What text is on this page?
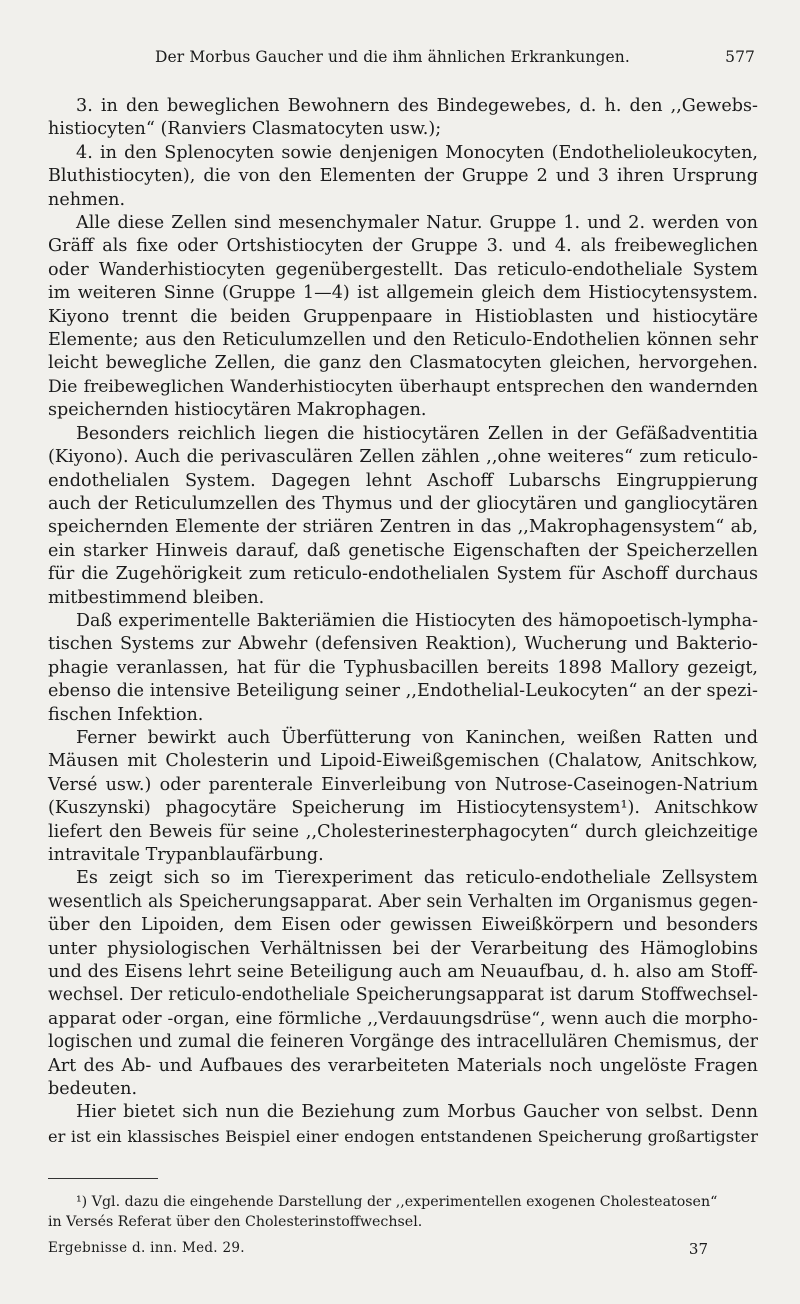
Der Morbus Gaucher und die ihm ähnlichen Erkrankungen.	577
3. in den beweglichen Bewohnern des Bindegewebes, d. h. den ,,Gewebs-
histiocyten“ (Ranviers Clasmatocyten usw.);
4. in den Splenocyten sowie denjenigen Monocyten (Endothelioleukocyten,
Bluthistiocyten), die von den Elementen der Gruppe 2 und 3 ihren Ursprung
nehmen.
Alle diese Zellen sind mesenchymaler Natur. Gruppe 1. und 2. werden von
Gräff als fixe oder Ortshistiocyten der Gruppe 3. und 4. als freibeweglichen
oder Wanderhistiocyten gegenübergestellt. Das reticulo-endotheliale System
im weiteren Sinne (Gruppe 1—4) ist allgemein gleich dem Histiocytensystem.
Kiyono trennt die beiden Gruppenpaare in Histioblasten und histiocytäre
Elemente; aus den Reticulumzellen und den Reticulo-Endothelien können sehr
leicht bewegliche Zellen, die ganz den Clasmatocyten gleichen, hervorgehen.
Die freibeweglichen Wanderhistiocyten überhaupt entsprechen den wandernden
speichernden histiocytären Makrophagen.
Besonders reichlich liegen die histiocytären Zellen in der Gefäßadventitia
(Kiyono). Auch die perivasculären Zellen zählen ,,ohne weiteres“ zum reticulo-
endothelialen System. Dagegen lehnt Aschoff Lubarschs Eingruppierung
auch der Reticulumzellen des Thymus und der gliocytären und gangliocytären
speichernden Elemente der striären Zentren in das ,,Makrophagensystem“ ab,
ein starker Hinweis darauf, daß genetische Eigenschaften der Speicherzellen
für die Zugehörigkeit zum reticulo-endothelialen System für Aschoff durchaus
mitbestimmend bleiben.
Daß experimentelle Bakteriämien die Histiocyten des hämopoetisch-lympha-
tischen Systems zur Abwehr (defensiven Reaktion), Wucherung und Bakterio-
phagie veranlassen, hat für die Typhusbacillen bereits 1898 Mallory gezeigt,
ebenso die intensive Beteiligung seiner ,,Endothelial-Leukocyten“ an der spezi-
fischen Infektion.
Ferner bewirkt auch Überfütterung von Kaninchen, weißen Ratten und
Mäusen mit Cholesterin und Lipoid-Eiweißgemischen (Chalatow, Anitschkow,
Versé usw.) oder parenterale Einverleibung von Nutrose-Caseinogen-Natrium
(Kuszynski) phagocytäre Speicherung im Histiocytensystem¹). Anitschkow
liefert den Beweis für seine ,,Cholesterinesterphagocyten“ durch gleichzeitige
intravitale Trypanblaufärbung.
Es zeigt sich so im Tierexperiment das reticulo-endotheliale Zellsystem
wesentlich als Speicherungsapparat. Aber sein Verhalten im Organismus gegen-
über den Lipoiden, dem Eisen oder gewissen Eiweißkörpern und besonders
unter physiologischen Verhältnissen bei der Verarbeitung des Hämoglobins
und des Eisens lehrt seine Beteiligung auch am Neuaufbau, d. h. also am Stoff-
wechsel. Der reticulo-endotheliale Speicherungsapparat ist darum Stoffwechsel-
apparat oder -organ, eine förmliche ,,Verdauungsdrüse“, wenn auch die morpho-
logischen und zumal die feineren Vorgänge des intracellulären Chemismus, der
Art des Ab- und Aufbaues des verarbeiteten Materials noch ungelöste Fragen
bedeuten.
Hier bietet sich nun die Beziehung zum Morbus Gaucher von selbst. Denn
er ist ein klassisches Beispiel einer endogen entstandenen Speicherung großartigster
¹) Vgl. dazu die eingehende Darstellung der ,,experimentellen exogenen Cholesteatosen“
in Versés Referat über den Cholesterinstoffwechsel.
Ergebnisse d. inn. Med. 29.	37
